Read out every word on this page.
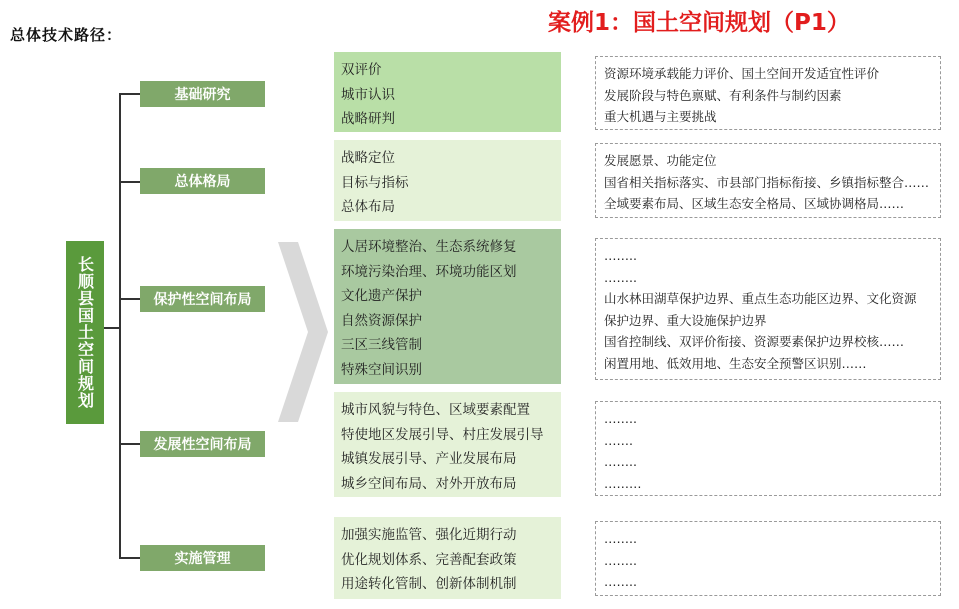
总体技术路径：	案例1：国土空间规划（P1）
长顺县国土空间规划
基础研究
总体格局
保护性空间布局
发展性空间布局
实施管理
双评价
城市认识
战略研判
战略定位
目标与指标
总体布局
人居环境整治、生态系统修复
环境污染治理、环境功能区划
文化遗产保护
自然资源保护
三区三线管制
特殊空间识别
城市风貌与特色、区域要素配置
特使地区发展引导、村庄发展引导
城镇发展引导、产业发展布局
城乡空间布局、对外开放布局
加强实施监管、强化近期行动
优化规划体系、完善配套政策
用途转化管制、创新体制机制
资源环境承载能力评价、国土空间开发适宜性评价
发展阶段与特色禀赋、有利条件与制约因素
重大机遇与主要挑战
发展愿景、功能定位
国省相关指标落实、市县部门指标衔接、乡镇指标整合……
全域要素布局、区域生态安全格局、区域协调格局……
……..
……..
山水林田湖草保护边界、重点生态功能区边界、文化资源
保护边界、重大设施保护边界
国省控制线、双评价衔接、资源要素保护边界校核……
闲置用地、低效用地、生态安全预警区识别……
……..
…….
……..
………
……..
……..
……..
